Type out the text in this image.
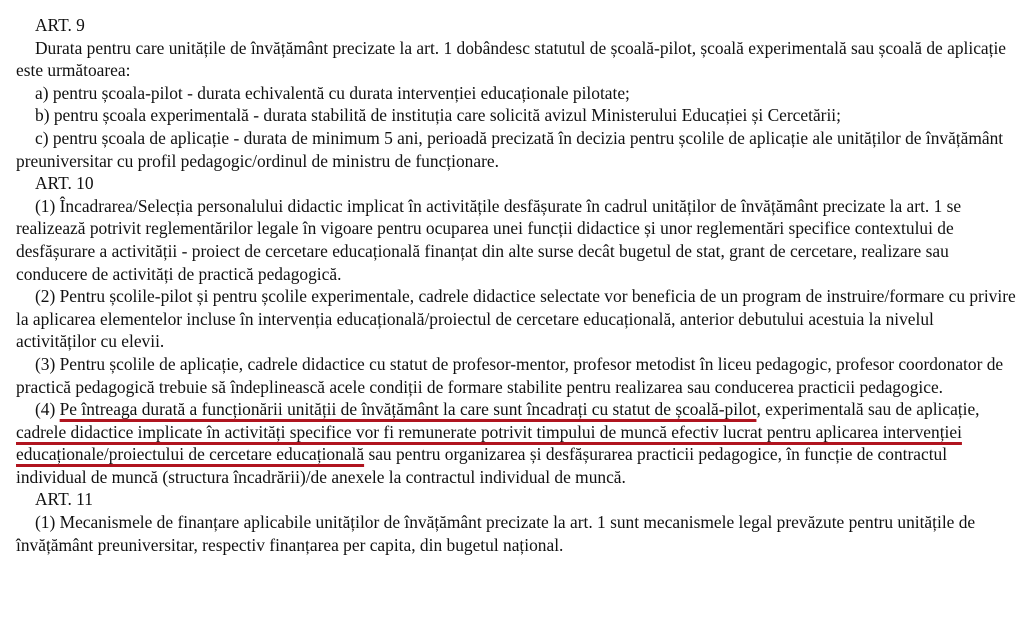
ART. 9

Durata pentru care unitățile de învățământ precizate la art. 1 dobândesc statutul de școală-pilot, școală experimentală sau școală de aplicație este următoarea:

a) pentru școala-pilot - durata echivalentă cu durata intervenției educaționale pilotate;

b) pentru școala experimentală - durata stabilită de instituția care solicită avizul Ministerului Educației și Cercetării;

c) pentru școala de aplicație - durata de minimum 5 ani, perioadă precizată în decizia pentru școlile de aplicație ale unităților de învățământ preuniversitar cu profil pedagogic/ordinul de ministru de funcționare.

ART. 10

(1) Încadrarea/Selecția personalului didactic implicat în activitățile desfășurate în cadrul unităților de învățământ precizate la art. 1 se realizează potrivit reglementărilor legale în vigoare pentru ocuparea unei funcții didactice și unor reglementări specifice contextului de desfășurare a activității - proiect de cercetare educațională finanțat din alte surse decât bugetul de stat, grant de cercetare, realizare sau conducere de activități de practică pedagogică.

(2) Pentru școlile-pilot și pentru școlile experimentale, cadrele didactice selectate vor beneficia de un program de instruire/formare cu privire la aplicarea elementelor incluse în intervenția educațională/proiectul de cercetare educațională, anterior debutului acestuia la nivelul activităților cu elevii.

(3) Pentru școlile de aplicație, cadrele didactice cu statut de profesor-mentor, profesor metodist în liceu pedagogic, profesor coordonator de practică pedagogică trebuie să îndeplinească acele condiții de formare stabilite pentru realizarea sau conducerea practicii pedagogice.

(4) Pe întreaga durată a funcționării unității de învățământ la care sunt încadrați cu statut de școală-pilot, experimentală sau de aplicație, cadrele didactice implicate în activități specifice vor fi remunerate potrivit timpului de muncă efectiv lucrat pentru aplicarea intervenției educaționale/proiectului de cercetare educațională sau pentru organizarea și desfășurarea practicii pedagogice, în funcție de contractul individual de muncă (structura încadrării)/de anexele la contractul individual de muncă.

ART. 11

(1) Mecanismele de finanțare aplicabile unităților de învățământ precizate la art. 1 sunt mecanismele legal prevăzute pentru unitățile de învățământ preuniversitar, respectiv finanțarea per capita, din bugetul național.
